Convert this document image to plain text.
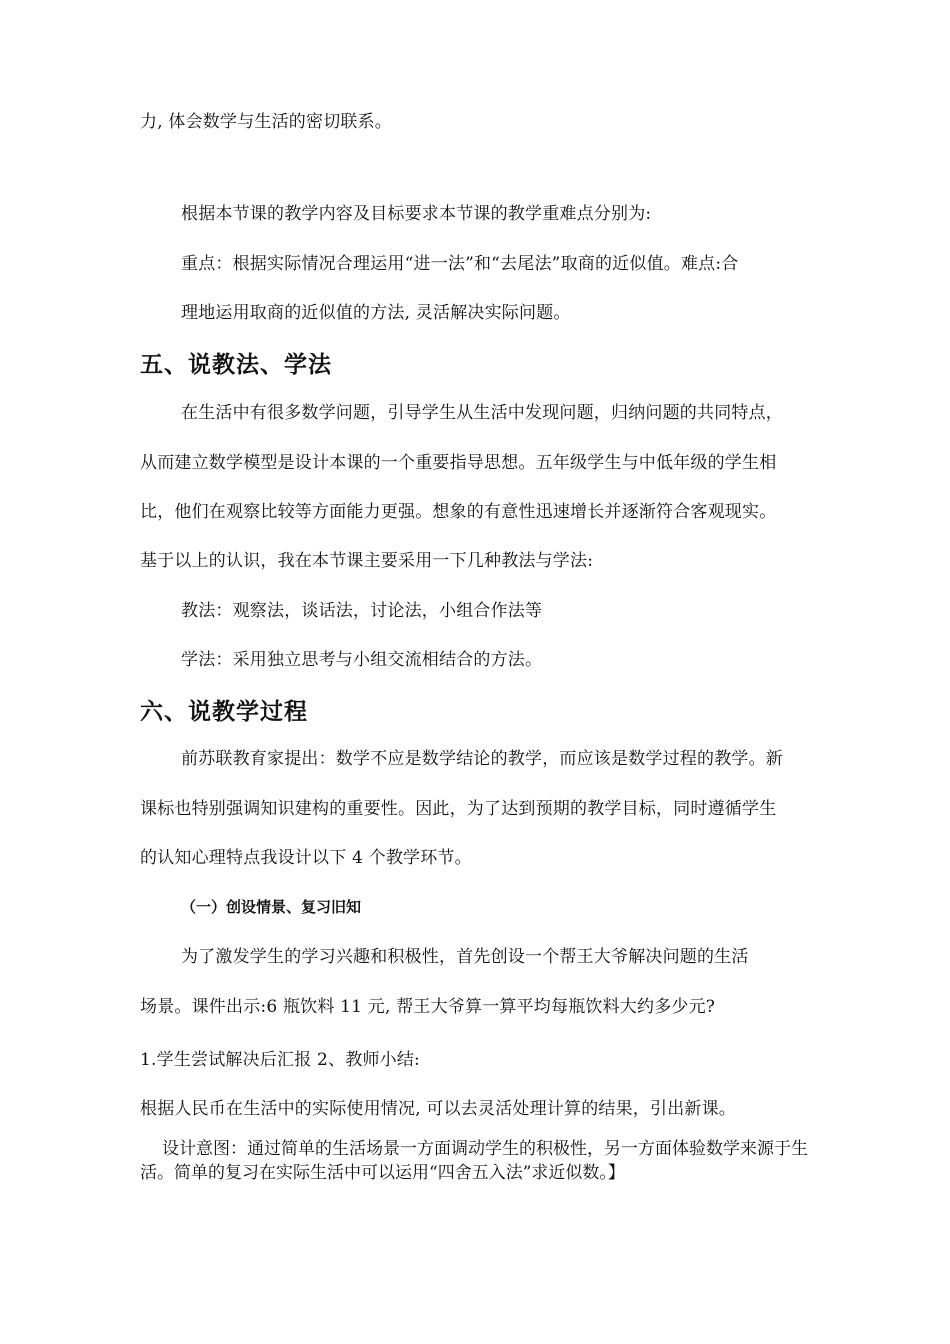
力, 体会数学与生活的密切联系。
根据本节课的教学内容及目标要求本节课的教学重难点分别为:
重点：根据实际情况合理运用“进一法”和“去尾法”取商的近似值。难点:合
理地运用取商的近似值的方法, 灵活解决实际问题。
五、说教法、学法
在生活中有很多数学问题，引导学生从生活中发现问题，归纳问题的共同特点，
从而建立数学模型是设计本课的一个重要指导思想。五年级学生与中低年级的学生相
比，他们在观察比较等方面能力更强。想象的有意性迅速增长并逐渐符合客观现实。
基于以上的认识，我在本节课主要采用一下几种教法与学法:
教法：观察法，谈话法，讨论法，小组合作法等
学法：采用独立思考与小组交流相结合的方法。
六、说教学过程
前苏联教育家提出：数学不应是数学结论的教学，而应该是数学过程的教学。新
课标也特别强调知识建构的重要性。因此，为了达到预期的教学目标，同时遵循学生
的认知心理特点我设计以下 4 个教学环节。
（一）创设情景、复习旧知
为了激发学生的学习兴趣和积极性，首先创设一个帮王大爷解决问题的生活
场景。课件出示:6 瓶饮料 11 元, 帮王大爷算一算平均每瓶饮料大约多少元?
1.学生尝试解决后汇报 2、教师小结:
根据人民币在生活中的实际使用情况, 可以去灵活处理计算的结果，引出新课。
设计意图：通过简单的生活场景一方面调动学生的积极性，另一方面体验数学来源于生活。简单的复习在实际生活中可以运用“四舍五入法”求近似数。】
